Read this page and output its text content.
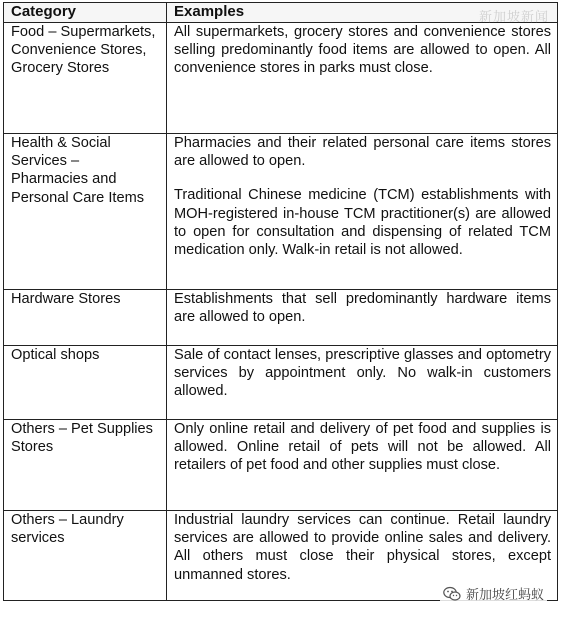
Category	Examples
Food – Supermarkets, Convenience Stores, Grocery Stores	All supermarkets, grocery stores and convenience stores selling predominantly food items are allowed to open. All convenience stores in parks must close.

Health & Social Services – Pharmacies and Personal Care Items	Pharmacies and their related personal care items stores are allowed to open.

Traditional Chinese medicine (TCM) establishments with MOH-registered in-house TCM practitioner(s) are allowed to open for consultation and dispensing of related TCM medication only. Walk-in retail is not allowed.

Hardware Stores	Establishments that sell predominantly hardware items are allowed to open.

Optical shops	Sale of contact lenses, prescriptive glasses and optometry services by appointment only. No walk-in customers allowed.

Others – Pet Supplies Stores	Only online retail and delivery of pet food and supplies is allowed. Online retail of pets will not be allowed. All retailers of pet food and other supplies must close.

Others – Laundry services	Industrial laundry services can continue. Retail laundry services are allowed to provide online sales and delivery. All others must close their physical stores, except unmanned stores.

新加坡新闻
新加坡红蚂蚁
